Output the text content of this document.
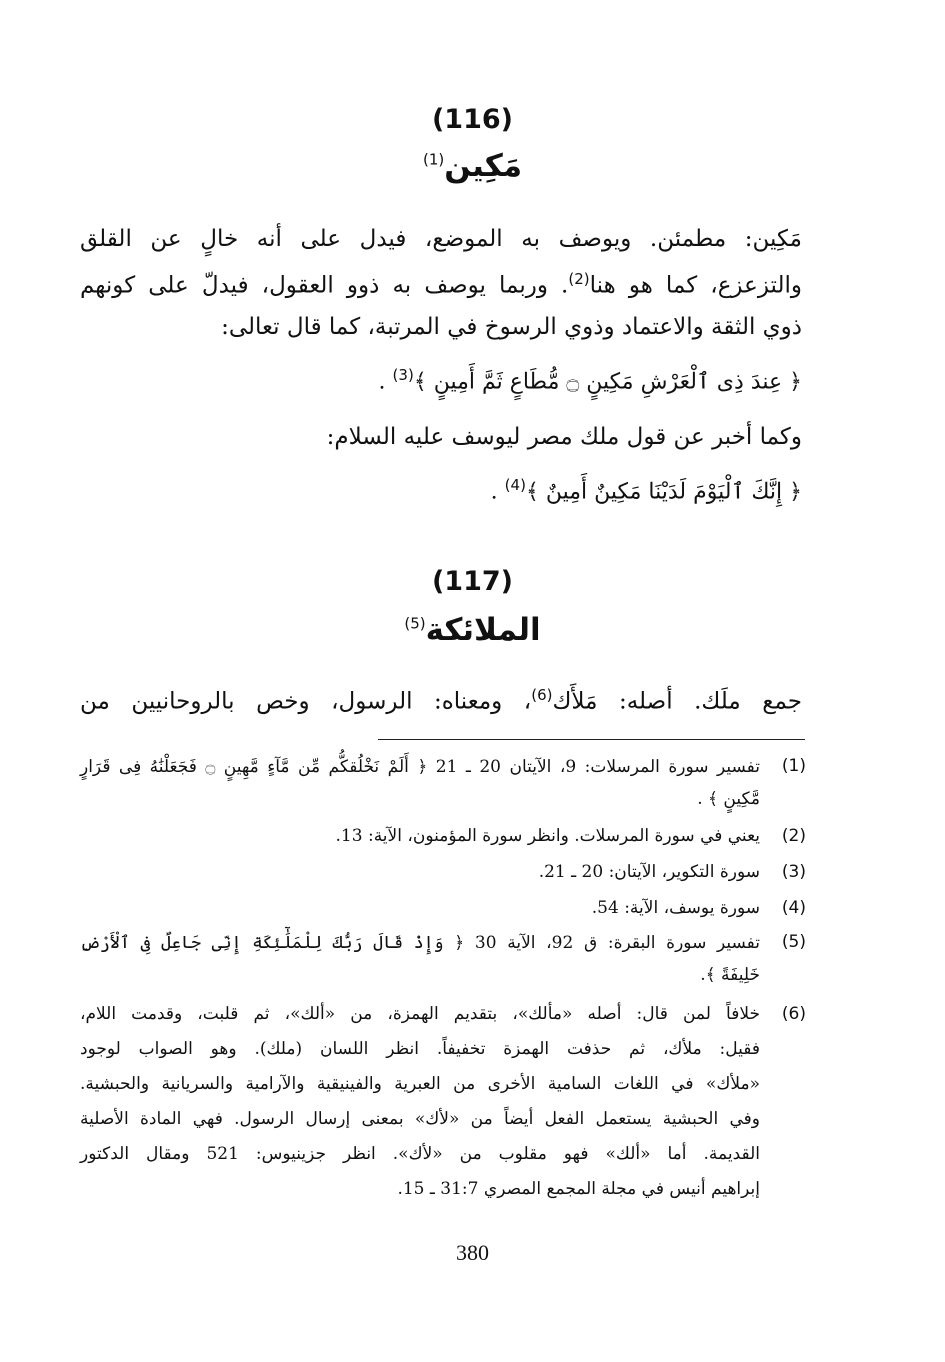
(116)
مَكِين$^{(1)}$
مَكِين: مطمئن. ويوصف به الموضع، فيدل على أنه خالٍ عن القلق
والتزعزع، كما هو هنا$^{(2)}$. وربما يوصف به ذوو العقول، فيدلّ على كونهم
ذوي الثقة والاعتماد وذوي الرسوخ في المرتبة، كما قال تعالى:
﴿ عِندَ ذِى ٱلْعَرْشِ مَكِينٍ ۝ مُّطَاعٍ ثَمَّ أَمِينٍ ﴾$^{(3)}$ .
وكما أخبر عن قول ملك مصر ليوسف عليه السلام:
﴿ إِنَّكَ ٱلْيَوْمَ لَدَيْنَا مَكِينٌ أَمِينٌ ﴾$^{(4)}$ .
(117)
الملائكة$^{(5)}$
جمع ملَك. أصله: مَلأَك$^{(6)}$، ومعناه: الرسول، وخص بالروحانيين من
(1)
تفسير سورة المرسلات: 9، الآيتان 20 ـ 21 ﴿ أَلَمْ نَخْلُقكُّم مِّن مَّآءٍ مَّهِينٍ ۝ فَجَعَلْنَٰهُ فِى قَرَارٍ
مَّكِينٍ ﴾ .
(2)
يعني في سورة المرسلات. وانظر سورة المؤمنون، الآية: 13.
(3)
سورة التكوير، الآيتان: 20 ـ 21.
(4)
سورة يوسف، الآية: 54.
(5)
تفسير سورة البقرة: ق 92، الآية 30 ﴿ وَإِذْ قَالَ رَبُّكَ لِلْمَلَٰٓئِكَةِ إِنِّى جَاعِلٌ فِى ٱلْأَرْضِ
خَلِيفَةً ﴾.
(6)
خلافاً لمن قال: أصله «مألك»، بتقديم الهمزة، من «ألك»، ثم قلبت، وقدمت اللام،
فقيل: ملأك، ثم حذفت الهمزة تخفيفاً. انظر اللسان (ملك). وهو الصواب لوجود
«ملأك» في اللغات السامية الأخرى من العبرية والفينيقية والآرامية والسريانية والحبشية.
وفي الحبشية يستعمل الفعل أيضاً من «لأك» بمعنى إرسال الرسول. فهي المادة الأصلية
القديمة. أما «ألك» فهو مقلوب من «لأك». انظر جزينيوس: 521 ومقال الدكتور
إبراهيم أنيس في مجلة المجمع المصري 31:7 ـ 15.
380
